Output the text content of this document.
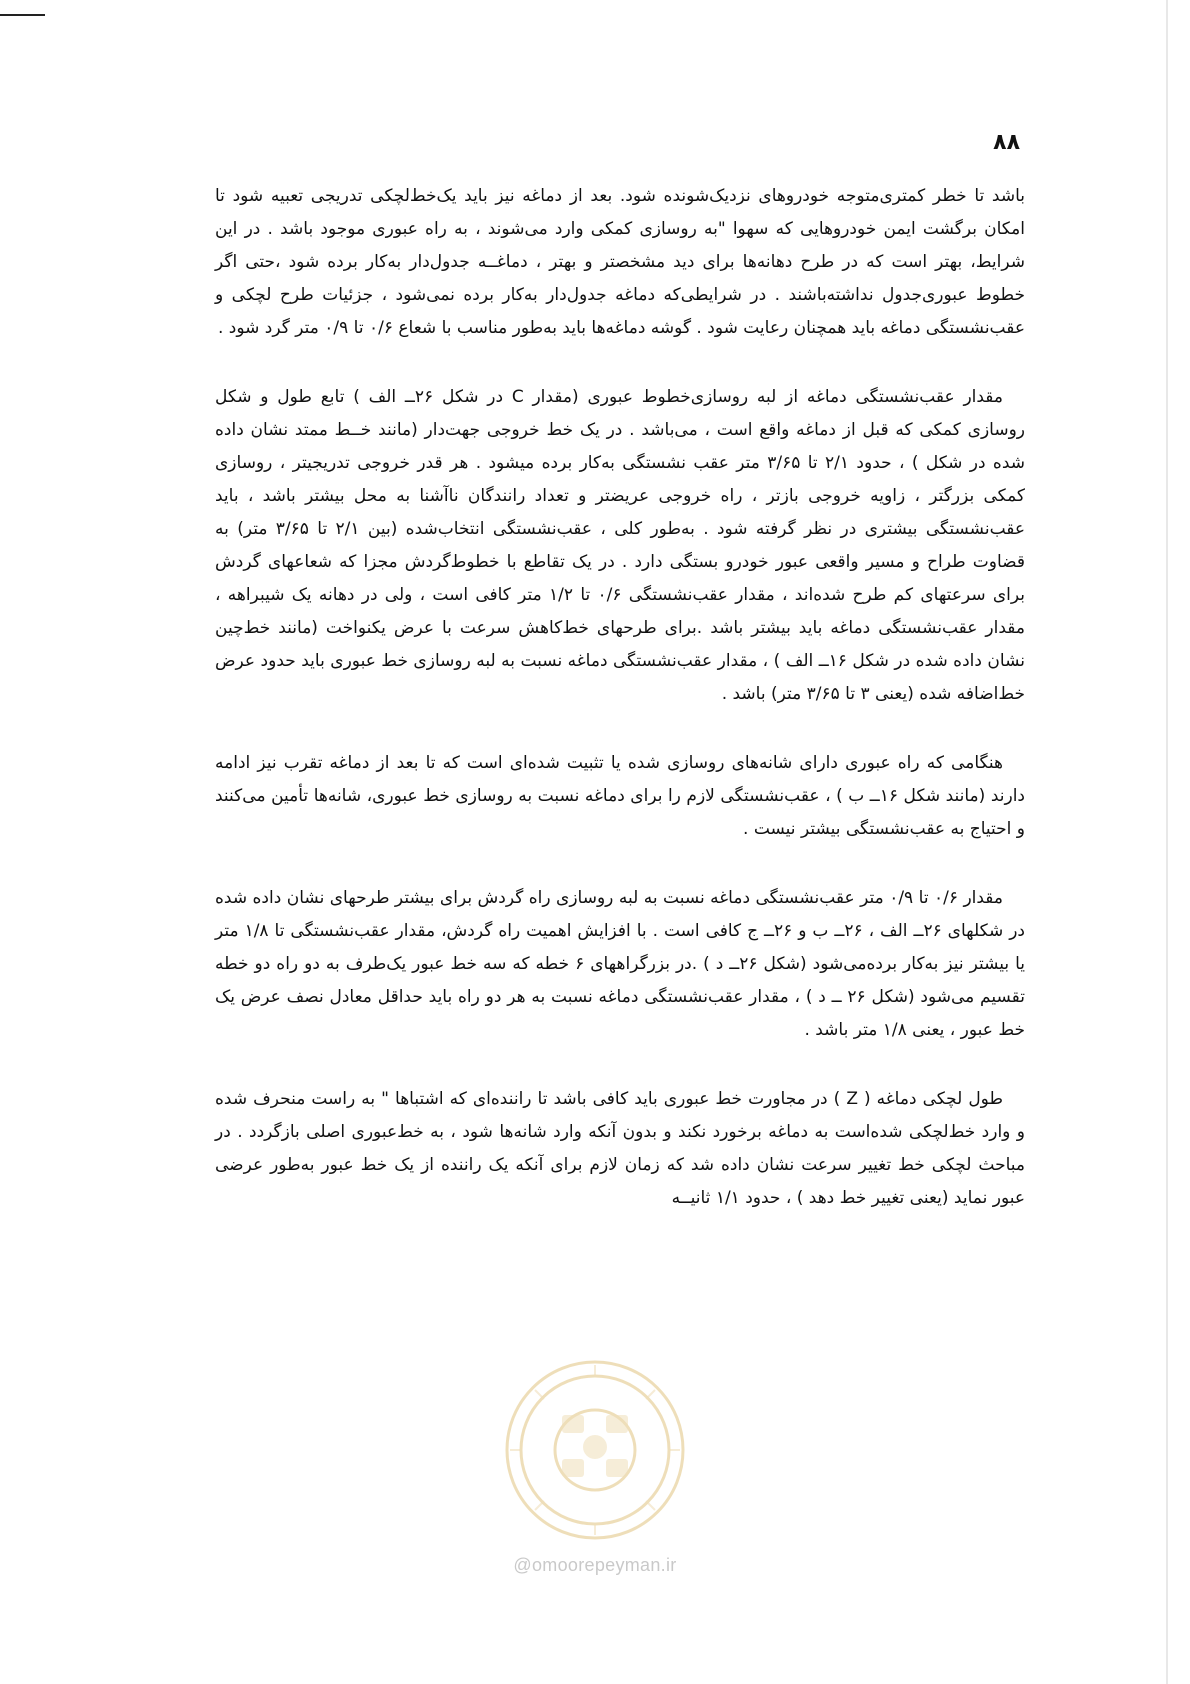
۸۸

باشد تا خطر کمتری‌متوجه خودروهای نزدیک‌شونده شود. بعد از دماغه نیز باید یک‌خط‌لچکی تدریجی تعبیه شود تا امکان برگشت ایمن خودروهایی که سهوا "به روسازی کمکی وارد می‌شوند ، به راه عبوری موجود باشد . در این شرایط، بهتر است که در طرح دهانه‌ها برای دید مشخصتر و بهتر ، دماغــه جدول‌دار به‌کار برده شود ،حتی اگر خطوط عبوری‌جدول نداشته‌باشند . در شرایطی‌که دماغه جدول‌دار به‌کار برده نمی‌شود ، جزئیات طرح لچکی و عقب‌نشستگی دماغه باید همچنان رعایت شود . گوشه دماغه‌ها باید به‌طور مناسب با شعاع ۰/۶ تا ۰/۹ متر گرد شود .

مقدار عقب‌نشستگی دماغه از لبه روسازی‌خطوط عبوری (مقدار C در شکل ۲۶ــ الف ) تابع طول و شکل روسازی کمکی که قبل از دماغه واقع است ، می‌باشد . در یک خط خروجی جهت‌دار (مانند خــط ممتد نشان داده شده در شکل ) ، حدود ۲/۱ تا ۳/۶۵ متر عقب نشستگی به‌کار برده میشود . هر قدر خروجی تدریجیتر ، روسازی کمکی بزرگتر ، زاویه خروجی بازتر ، راه خروجی عریضتر و تعداد رانندگان ناآشنا به محل بیشتر باشد ، باید عقب‌نشستگی بیشتری در نظر گرفته شود . به‌طور کلی ، عقب‌نشستگی انتخاب‌شده (بین ۲/۱ تا ۳/۶۵ متر) به قضاوت طراح و مسیر واقعی عبور خودرو بستگی دارد . در یک تقاطع با خطوط‌گردش مجزا که شعاعهای گردش برای سرعتهای کم طرح شده‌اند ، مقدار عقب‌نشستگی ۰/۶ تا ۱/۲ متر کافی است ، ولی در دهانه یک شیبراهه ، مقدار عقب‌نشستگی دماغه باید بیشتر باشد .برای طرحهای خط‌کاهش سرعت با عرض یکنواخت (مانند خط‌چین نشان داده شده در شکل ۱۶ــ الف ) ، مقدار عقب‌نشستگی دماغه نسبت به لبه روسازی خط عبوری باید حدود عرض خط‌اضافه شده (یعنی ۳ تا ۳/۶۵ متر) باشد .

هنگامی که راه عبوری دارای شانه‌های روسازی شده یا تثبیت شده‌ای است که تا بعد از دماغه تقرب نیز ادامه دارند (مانند شکل ۱۶ــ ب ) ، عقب‌نشستگی لازم را برای دماغه نسبت به روسازی خط عبوری، شانه‌ها تأمین می‌کنند و احتیاج به عقب‌نشستگی بیشتر نیست .

مقدار ۰/۶ تا ۰/۹ متر عقب‌نشستگی دماغه نسبت به لبه روسازی راه گردش برای بیشتر طرحهای نشان داده شده در شکلهای ۲۶ــ الف ، ۲۶ــ ب و ۲۶ــ ج کافی است . با افزایش اهمیت راه گردش، مقدار عقب‌نشستگی تا ۱/۸ متر یا بیشتر نیز به‌کار برده‌می‌شود (شکل ۲۶ــ د ) .در بزرگراههای ۶ خطه که سه خط عبور یک‌طرف به دو راه دو خطه تقسیم می‌شود (شکل ۲۶ ــ د ) ، مقدار عقب‌نشستگی دماغه نسبت به هر دو راه باید حداقل معادل نصف عرض یک خط عبور ، یعنی ۱/۸ متر باشد .

طول لچکی دماغه ( Z ) در مجاورت خط عبوری باید کافی باشد تا راننده‌ای که اشتباها " به راست منحرف شده و وارد خط‌لچکی شده‌است به دماغه برخورد نکند و بدون آنکه وارد شانه‌ها شود ، به خط‌عبوری اصلی بازگردد . در مباحث لچکی خط تغییر سرعت نشان داده شد که زمان لازم برای آنکه یک راننده از یک خط عبور به‌طور عرضی عبور نماید (یعنی تغییر خط دهد ) ، حدود ۱/۱ ثانیــه

@omoorepeyman.ir
